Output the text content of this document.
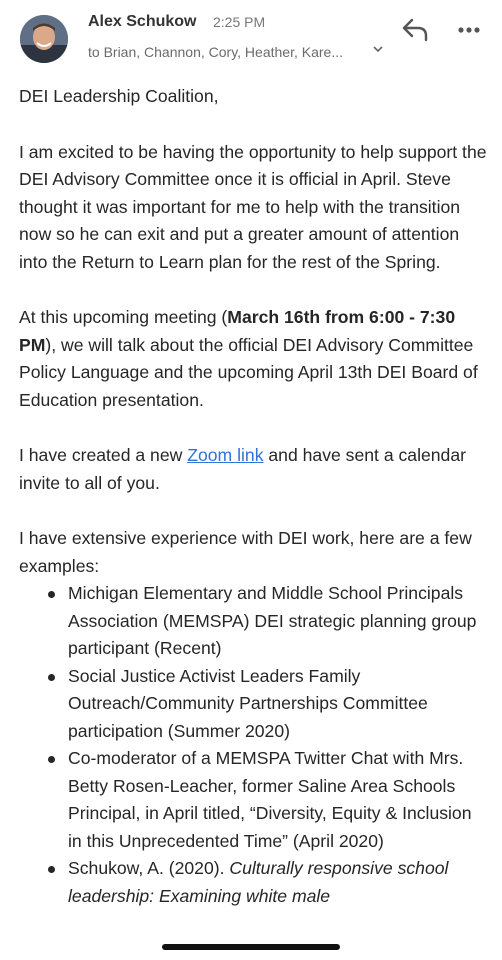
Alex Schukow 2:25 PM
to Brian, Channon, Cory, Heather, Kare...

DEI Leadership Coalition,

I am excited to be having the opportunity to help support the DEI Advisory Committee once it is official in April. Steve thought it was important for me to help with the transition now so he can exit and put a greater amount of attention into the Return to Learn plan for the rest of the Spring.

At this upcoming meeting (March 16th from 6:00 - 7:30 PM), we will talk about the official DEI Advisory Committee Policy Language and the upcoming April 13th DEI Board of Education presentation.

I have created a new Zoom link and have sent a calendar invite to all of you.

I have extensive experience with DEI work, here are a few examples:
Michigan Elementary and Middle School Principals Association (MEMSPA) DEI strategic planning group participant (Recent)
Social Justice Activist Leaders Family Outreach/Community Partnerships Committee participation (Summer 2020)
Co-moderator of a MEMSPA Twitter Chat with Mrs. Betty Rosen-Leacher, former Saline Area Schools Principal, in April titled, “Diversity, Equity & Inclusion in this Unprecedented Time” (April 2020)
Schukow, A. (2020). Culturally responsive school leadership: Examining white male
